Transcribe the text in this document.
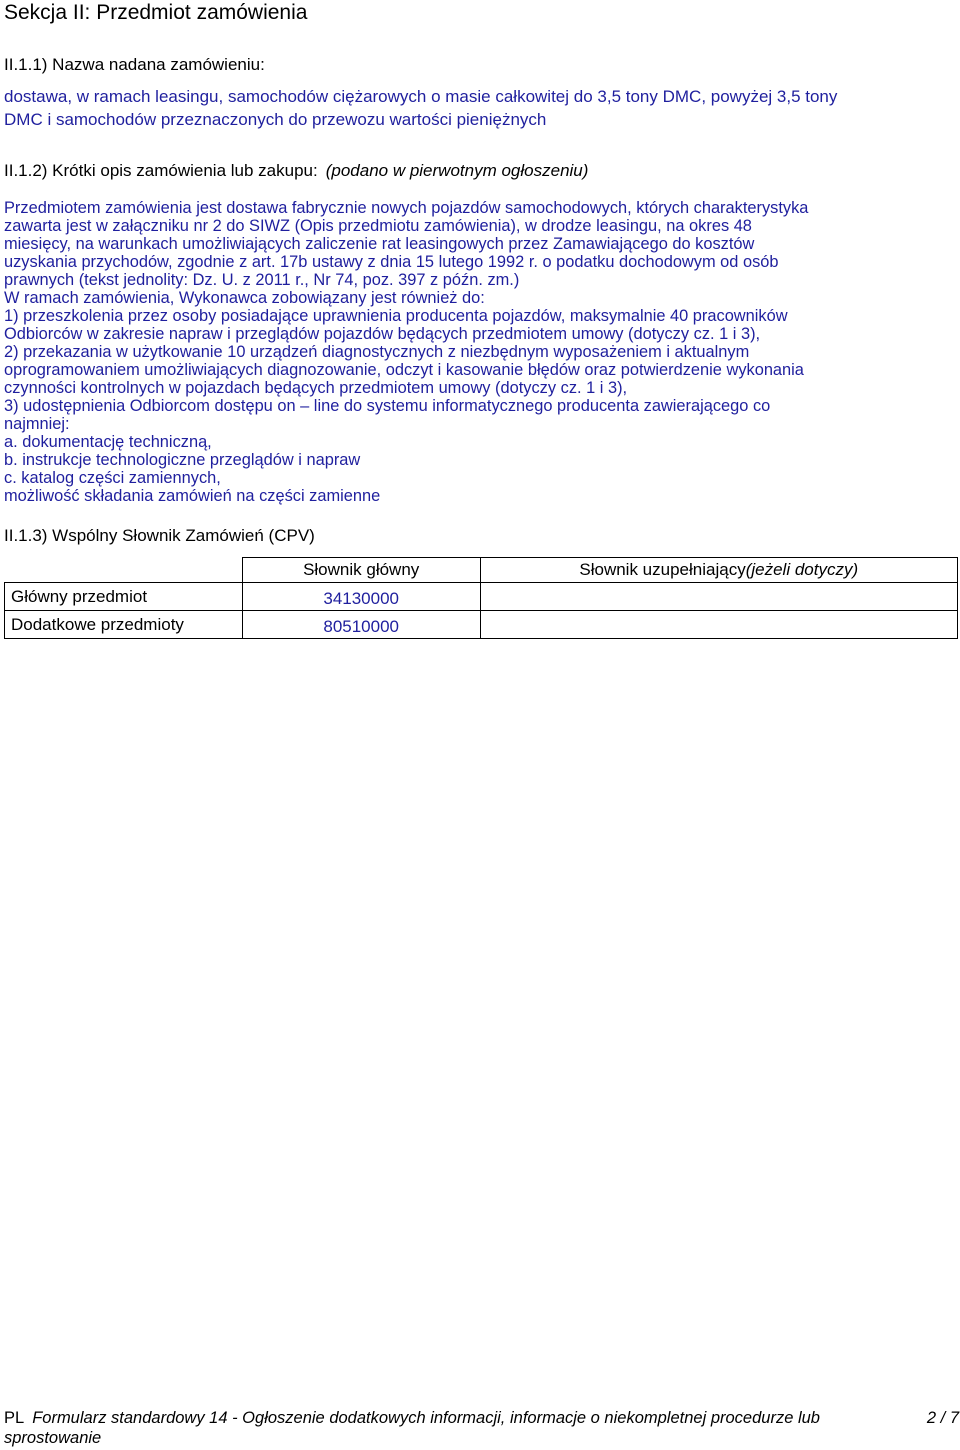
Sekcja II: Przedmiot zamówienia
II.1.1) Nazwa nadana zamówieniu:
dostawa, w ramach leasingu, samochodów ciężarowych o masie całkowitej do 3,5 tony DMC, powyżej 3,5 tony
DMC i samochodów przeznaczonych do przewozu wartości pieniężnych
II.1.2) Krótki opis zamówienia lub zakupu: (podano w pierwotnym ogłoszeniu)
Przedmiotem zamówienia jest dostawa fabrycznie nowych pojazdów samochodowych, których charakterystyka
zawarta jest w załączniku nr 2 do SIWZ (Opis przedmiotu zamówienia), w drodze leasingu, na okres 48
miesięcy, na warunkach umożliwiających zaliczenie rat leasingowych przez Zamawiającego do kosztów
uzyskania przychodów, zgodnie z art. 17b ustawy z dnia 15 lutego 1992 r. o podatku dochodowym od osób
prawnych (tekst jednolity: Dz. U. z 2011 r., Nr 74, poz. 397 z późn. zm.)
W ramach zamówienia, Wykonawca zobowiązany jest również do:
1) przeszkolenia przez osoby posiadające uprawnienia producenta pojazdów, maksymalnie 40 pracowników
Odbiorców w zakresie napraw i przeglądów pojazdów będących przedmiotem umowy (dotyczy cz. 1 i 3),
2) przekazania w użytkowanie 10 urządzeń diagnostycznych z niezbędnym wyposażeniem i aktualnym
oprogramowaniem umożliwiających diagnozowanie, odczyt i kasowanie błędów oraz potwierdzenie wykonania
czynności kontrolnych w pojazdach będących przedmiotem umowy (dotyczy cz. 1 i 3),
3) udostępnienia Odbiorcom dostępu on – line do systemu informatycznego producenta zawierającego co
najmniej:
a. dokumentację techniczną,
b. instrukcje technologiczne przeglądów i napraw
c. katalog części zamiennych,
możliwość składania zamówień na części zamienne
II.1.3) Wspólny Słownik Zamówień (CPV)
	Słownik główny	Słownik uzupełniający(jeżeli dotyczy)
Główny przedmiot	34130000	
Dodatkowe przedmioty	80510000	
PL Formularz standardowy 14 - Ogłoszenie dodatkowych informacji, informacje o niekompletnej procedurze lub
sprostowanie
2 / 7
